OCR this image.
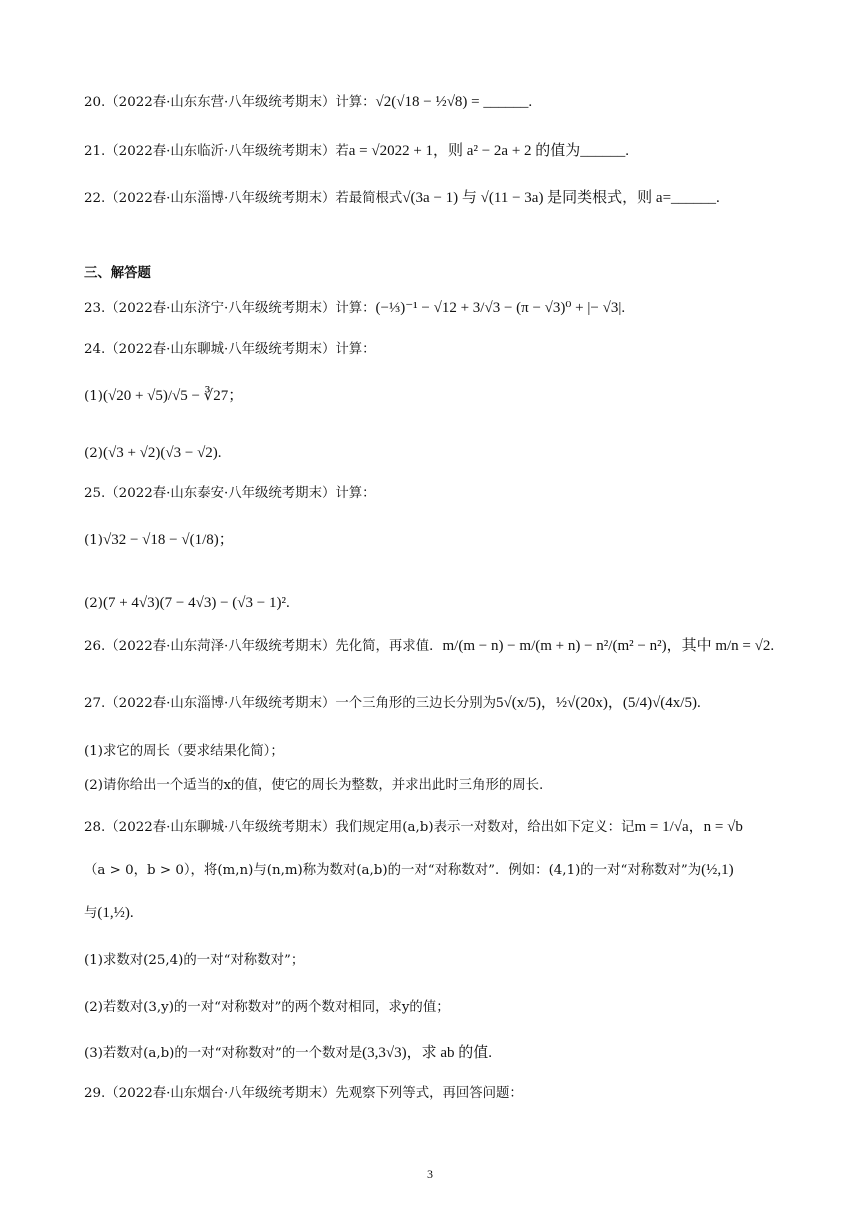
20.（2022春·山东东营·八年级统考期末）计算：√2(√18 − ½√8) = ______.
21.（2022春·山东临沂·八年级统考期末）若a = √2022 + 1，则 a² − 2a + 2 的值为______.
22.（2022春·山东淄博·八年级统考期末）若最简根式√(3a − 1) 与 √(11 − 3a) 是同类根式，则 a=______.
三、解答题
23.（2022春·山东济宁·八年级统考期末）计算：(−⅓)⁻¹ − √12 + 3/√3 − (π − √3)⁰ + |− √3|.
24.（2022春·山东聊城·八年级统考期末）计算：
(1)(√20 + √5)/√5 − ∛27；
(2)(√3 + √2)(√3 − √2).
25.（2022春·山东泰安·八年级统考期末）计算：
(1)√32 − √18 − √(1/8)；
(2)(7 + 4√3)(7 − 4√3) − (√3 − 1)².
26.（2022春·山东菏泽·八年级统考期末）先化简，再求值．m/(m − n) − m/(m + n) − n²/(m² − n²)，其中 m/n = √2.
27.（2022春·山东淄博·八年级统考期末）一个三角形的三边长分别为5√(x/5)，½√(20x)，(5/4)√(4x/5).
(1)求它的周长（要求结果化简）；
(2)请你给出一个适当的x的值，使它的周长为整数，并求出此时三角形的周长.
28.（2022春·山东聊城·八年级统考期末）我们规定用(a,b)表示一对数对，给出如下定义：记m = 1/√a，n = √b
（a > 0，b > 0），将(m,n)与(n,m)称为数对(a,b)的一对“对称数对”．例如：(4,1)的一对“对称数对”为(½,1)
与(1,½).
(1)求数对(25,4)的一对“对称数对”；
(2)若数对(3,y)的一对“对称数对”的两个数对相同，求y的值；
(3)若数对(a,b)的一对“对称数对”的一个数对是(3,3√3)，求 ab 的值.
29.（2022春·山东烟台·八年级统考期末）先观察下列等式，再回答问题：
3
